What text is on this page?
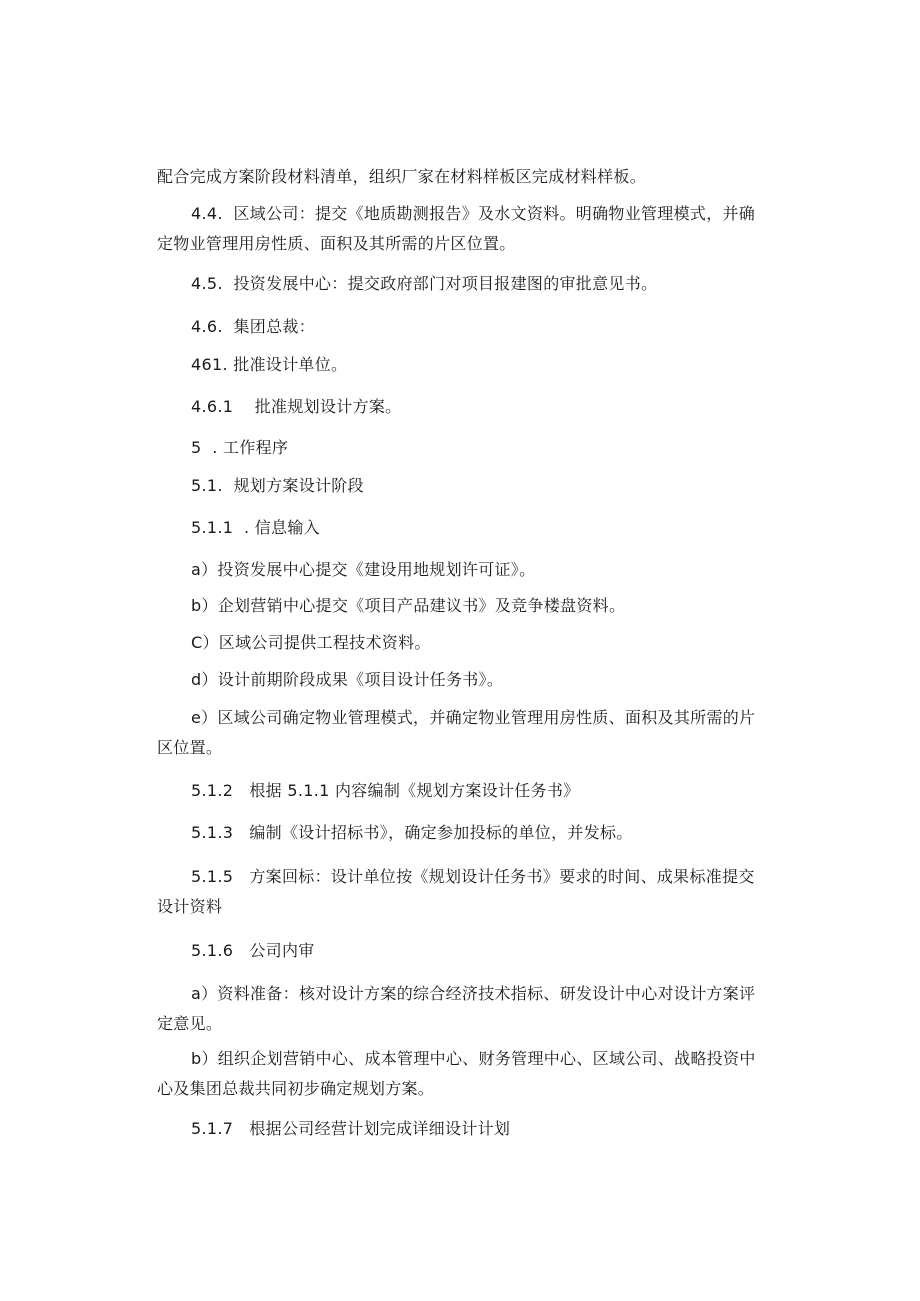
配合完成方案阶段材料清单，组织厂家在材料样板区完成材料样板。
4.4.  区域公司：提交《地质勘测报告》及水文资料。明确物业管理模式，并确定物业管理用房性质、面积及其所需的片区位置。
4.5.  投资发展中心：提交政府部门对项目报建图的审批意见书。
4.6.  集团总裁：
461. 批准设计单位。
4.6.1    批准规划设计方案。
5  . 工作程序
5.1.  规划方案设计阶段
5.1.1  . 信息输入
a）投资发展中心提交《建设用地规划许可证》。
b）企划营销中心提交《项目产品建议书》及竞争楼盘资料。
C）区域公司提供工程技术资料。
d）设计前期阶段成果《项目设计任务书》。
e）区域公司确定物业管理模式，并确定物业管理用房性质、面积及其所需的片区位置。
5.1.2   根据 5.1.1 内容编制《规划方案设计任务书》
5.1.3   编制《设计招标书》，确定参加投标的单位，并发标。
5.1.5   方案回标：设计单位按《规划设计任务书》要求的时间、成果标准提交设计资料
5.1.6   公司内审
a）资料准备：核对设计方案的综合经济技术指标、研发设计中心对设计方案评定意见。
b）组织企划营销中心、成本管理中心、财务管理中心、区域公司、战略投资中心及集团总裁共同初步确定规划方案。
5.1.7   根据公司经营计划完成详细设计计划
